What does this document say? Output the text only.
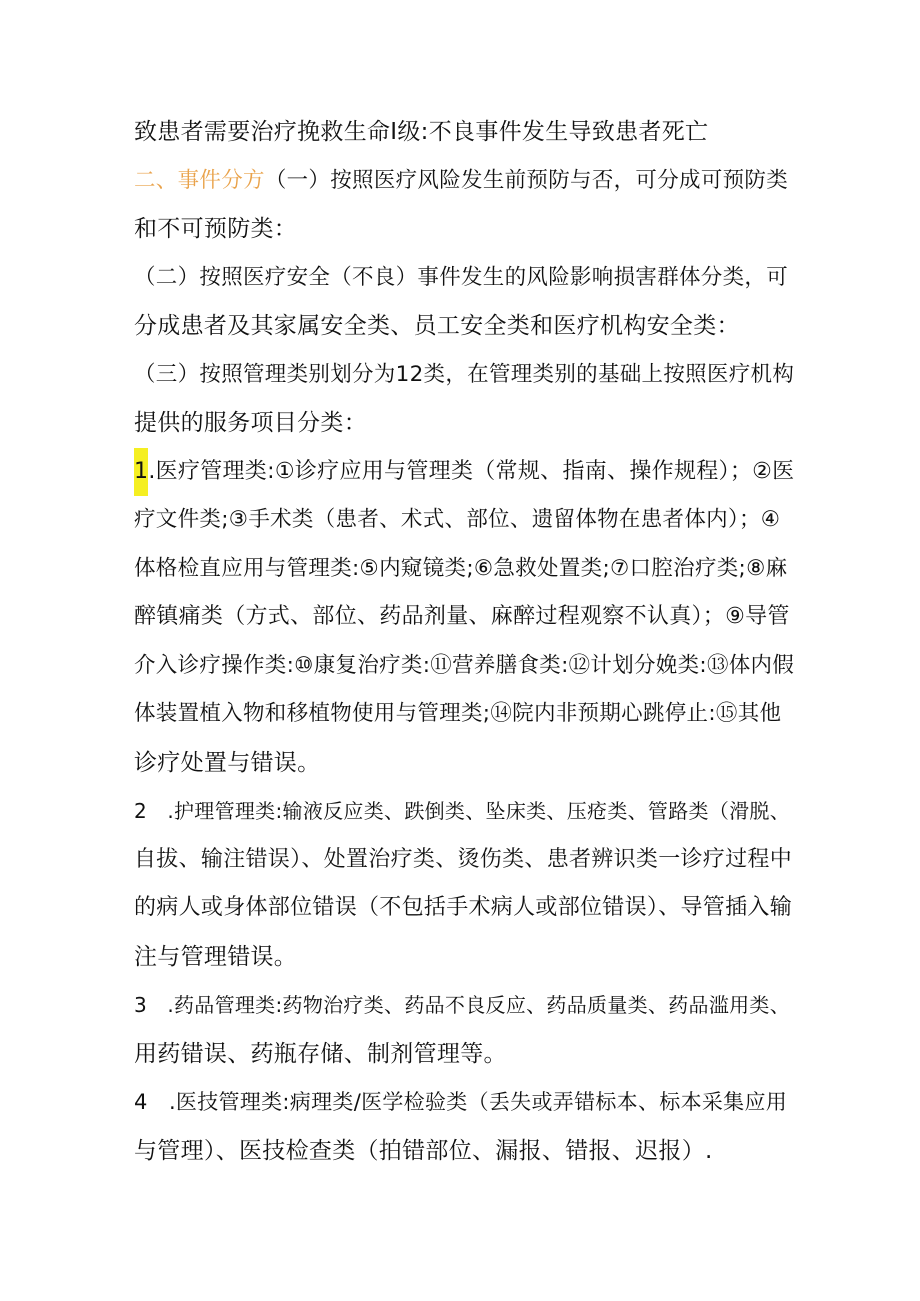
致患者需要治疗挽救生命Ⅰ级:不良事件发生导致患者死亡

二、事件分方（一）按照医疗风险发生前预防与否，可分成可预防类

和不可预防类：

（二）按照医疗安全（不良）事件发生的风险影响损害群体分类，可

分成患者及其家属安全类、员工安全类和医疗机构安全类：

（三）按照管理类别划分为12类，在管理类别的基础上按照医疗机构

提供的服务项目分类：

1.医疗管理类:①诊疗应用与管理类（常规、指南、操作规程）；②医

疗文件类;③手术类（患者、术式、部位、遗留体物在患者体内）；④

体格检直应用与管理类:⑤内窥镜类;⑥急救处置类;⑦口腔治疗类;⑧麻

醉镇痛类（方式、部位、药品剂量、麻醉过程观察不认真）；⑨导管

介入诊疗操作类:⑩康复治疗类:⑪营养膳食类:⑫计划分娩类:⑬体内假

体装置植入物和移植物使用与管理类;⑭院内非预期心跳停止:⑮其他

诊疗处置与错误。

2　.护理管理类:输液反应类、跌倒类、坠床类、压疮类、管路类（滑脱、

自拔、输注错误）、处置治疗类、烫伤类、患者辨识类一诊疗过程中

的病人或身体部位错误（不包括手术病人或部位错误）、导管插入输

注与管理错误。

3　.药品管理类:药物治疗类、药品不良反应、药品质量类、药品滥用类、

用药错误、药瓶存储、制剂管理等。

4　.医技管理类:病理类/医学检验类（丢失或弄错标本、标本采集应用

与管理）、医技检查类（拍错部位、漏报、错报、迟报）.
